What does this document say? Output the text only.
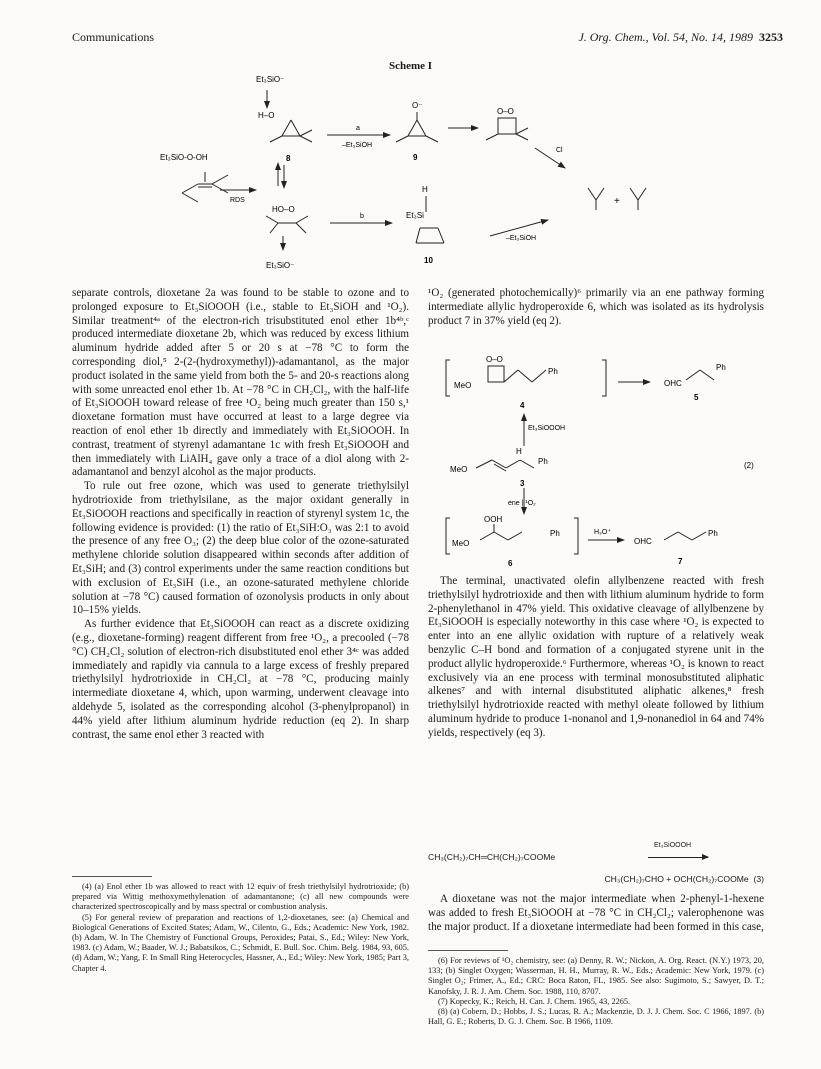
Communications	J. Org. Chem., Vol. 54, No. 14, 1989 3253
Scheme I
Et₃SiO⁻
H–O
Et₃SiO‑O‑OH
RDS
8
a
–Et₃SiOH
O⁻
9
O–O
Cl
+
HO–O
Et₃SiO⁻
b
H
Et₃Si
10
–Et₃SiOH

separate controls, dioxetane 2a was found to be stable to ozone and to prolonged exposure to Et₃SiOOOH (i.e., stable to Et₃SiOH and ¹O₂). Similar treatment⁴ᵃ of the electron-rich trisubstituted enol ether 1b⁴ᵇ,ᶜ produced intermediate dioxetane 2b, which was reduced by excess lithium aluminum hydride added after 5 or 20 s at −78 °C to form the corresponding diol,⁵ 2-(2-(hydroxymethyl))-adamantanol, as the major product isolated in the same yield from both the 5- and 20-s reactions along with some unreacted enol ether 1b. At −78 °C in CH₂Cl₂, with the half-life of Et₃SiOOOH toward release of free ¹O₂ being much greater than 150 s,¹ dioxetane formation must have occurred at least to a large degree via reaction of enol ether 1b directly and immediately with Et₃SiOOOH. In contrast, treatment of styrenyl adamantane 1c with fresh Et₃SiOOOH and then immediately with LiAlH₄ gave only a trace of a diol along with 2-adamantanol and benzyl alcohol as the major products.

To rule out free ozone, which was used to generate triethylsilyl hydrotrioxide from triethylsilane, as the major oxidant generally in Et₃SiOOOH reactions and specifically in reaction of styrenyl system 1c, the following evidence is provided: (1) the ratio of Et₃SiH:O₃ was 2:1 to avoid the presence of any free O₃; (2) the deep blue color of the ozone-saturated methylene chloride solution disappeared within seconds after addition of Et₃SiH; and (3) control experiments under the same reaction conditions but with exclusion of Et₃SiH (i.e., an ozone-saturated methylene chloride solution at −78 °C) caused formation of ozonolysis products in only about 10–15% yields.

As further evidence that Et₃SiOOOH can react as a discrete oxidizing (e.g., dioxetane-forming) reagent different from free ¹O₂, a precooled (−78 °C) CH₂Cl₂ solution of electron-rich disubstituted enol ether 3⁴ᶜ was added immediately and rapidly via cannula to a large excess of freshly prepared triethylsilyl hydrotrioxide in CH₂Cl₂ at −78 °C, producing mainly intermediate dioxetane 4, which, upon warming, underwent cleavage into aldehyde 5, isolated as the corresponding alcohol (3-phenylpropanol) in 44% yield after lithium aluminum hydride reduction (eq 2). In sharp contrast, the same enol ether 3 reacted with

¹O₂ (generated photochemically)⁶ primarily via an ene pathway forming intermediate allylic hydroperoxide 6, which was isolated as its hydrolysis product 7 in 37% yield (eq 2).

O–O
MeO
Ph
4
OHC
Ph
5
Et₃SiOOOH
H
MeO
Ph
3
(2)
ene | ¹O₂
OOH
MeO
Ph
6
H₃O⁺
OHC
Ph
7

The terminal, unactivated olefin allylbenzene reacted with fresh triethylsilyl hydrotrioxide and then with lithium aluminum hydride to form 2-phenylethanol in 47% yield. This oxidative cleavage of allylbenzene by Et₃SiOOOH is especially noteworthy in this case where ¹O₂ is expected to enter into an ene allylic oxidation with rupture of a relatively weak benzylic C–H bond and formation of a conjugated styrene unit in the product allylic hydroperoxide.⁶ Furthermore, whereas ¹O₂ is known to react exclusively via an ene process with terminal monosubstituted aliphatic alkenes⁷ and with internal disubstituted aliphatic alkenes,⁸ fresh triethylsilyl hydrotrioxide reacted with methyl oleate followed by lithium aluminum hydride to produce 1-nonanol and 1,9-nonanediol in 64 and 74% yields, respectively (eq 3).

CH₃(CH₂)₇CH═CH(CH₂)₇COOMe
Et₃SiOOOH
CH₃(CH₂)₇CHO + OCH(CH₂)₇COOMe (3)

A dioxetane was not the major intermediate when 2-phenyl-1-hexene was added to fresh Et₃SiOOOH at −78 °C in CH₂Cl₂; valerophenone was the major product. If a dioxetane intermediate had been formed in this case,

(4) (a) Enol ether 1b was allowed to react with 12 equiv of fresh triethylsilyl hydrotrioxide; (b) prepared via Wittig methoxymethylenation of adamantanone; (c) all new compounds were characterized spectroscopically and by mass spectral or combustion analysis.

(5) For general review of preparation and reactions of 1,2-dioxetanes, see: (a) Chemical and Biological Generations of Excited States; Adam, W., Cilento, G., Eds.; Academic: New York, 1982. (b) Adam, W. In The Chemistry of Functional Groups, Peroxides; Patai, S., Ed.; Wiley: New York, 1983. (c) Adam, W.; Baader, W. J.; Babatsikos, C.; Schmidt, E. Bull. Soc. Chim. Belg. 1984, 93, 605. (d) Adam, W.; Yang, F. In Small Ring Heterocycles, Hassner, A., Ed.; Wiley: New York, 1985; Part 3, Chapter 4.

(6) For reviews of ¹O₂ chemistry, see: (a) Denny, R. W.; Nickon, A. Org. React. (N.Y.) 1973, 20, 133; (b) Singlet Oxygen; Wasserman, H. H., Murray, R. W., Eds.; Academic: New York, 1979. (c) Singlet O₂; Frimer, A., Ed.; CRC: Boca Raton, FL, 1985. See also: Sugimoto, S.; Sawyer, D. T.; Kanofsky, J. R. J. Am. Chem. Soc. 1988, 110, 8707.

(7) Kopecky, K.; Reich, H. Can. J. Chem. 1965, 43, 2265.

(8) (a) Cobern, D.; Hobbs, J. S.; Lucas, R. A.; Mackenzie, D. J. J. Chem. Soc. C 1966, 1897. (b) Hall, G. E.; Roberts, D. G. J. Chem. Soc. B 1966, 1109.
